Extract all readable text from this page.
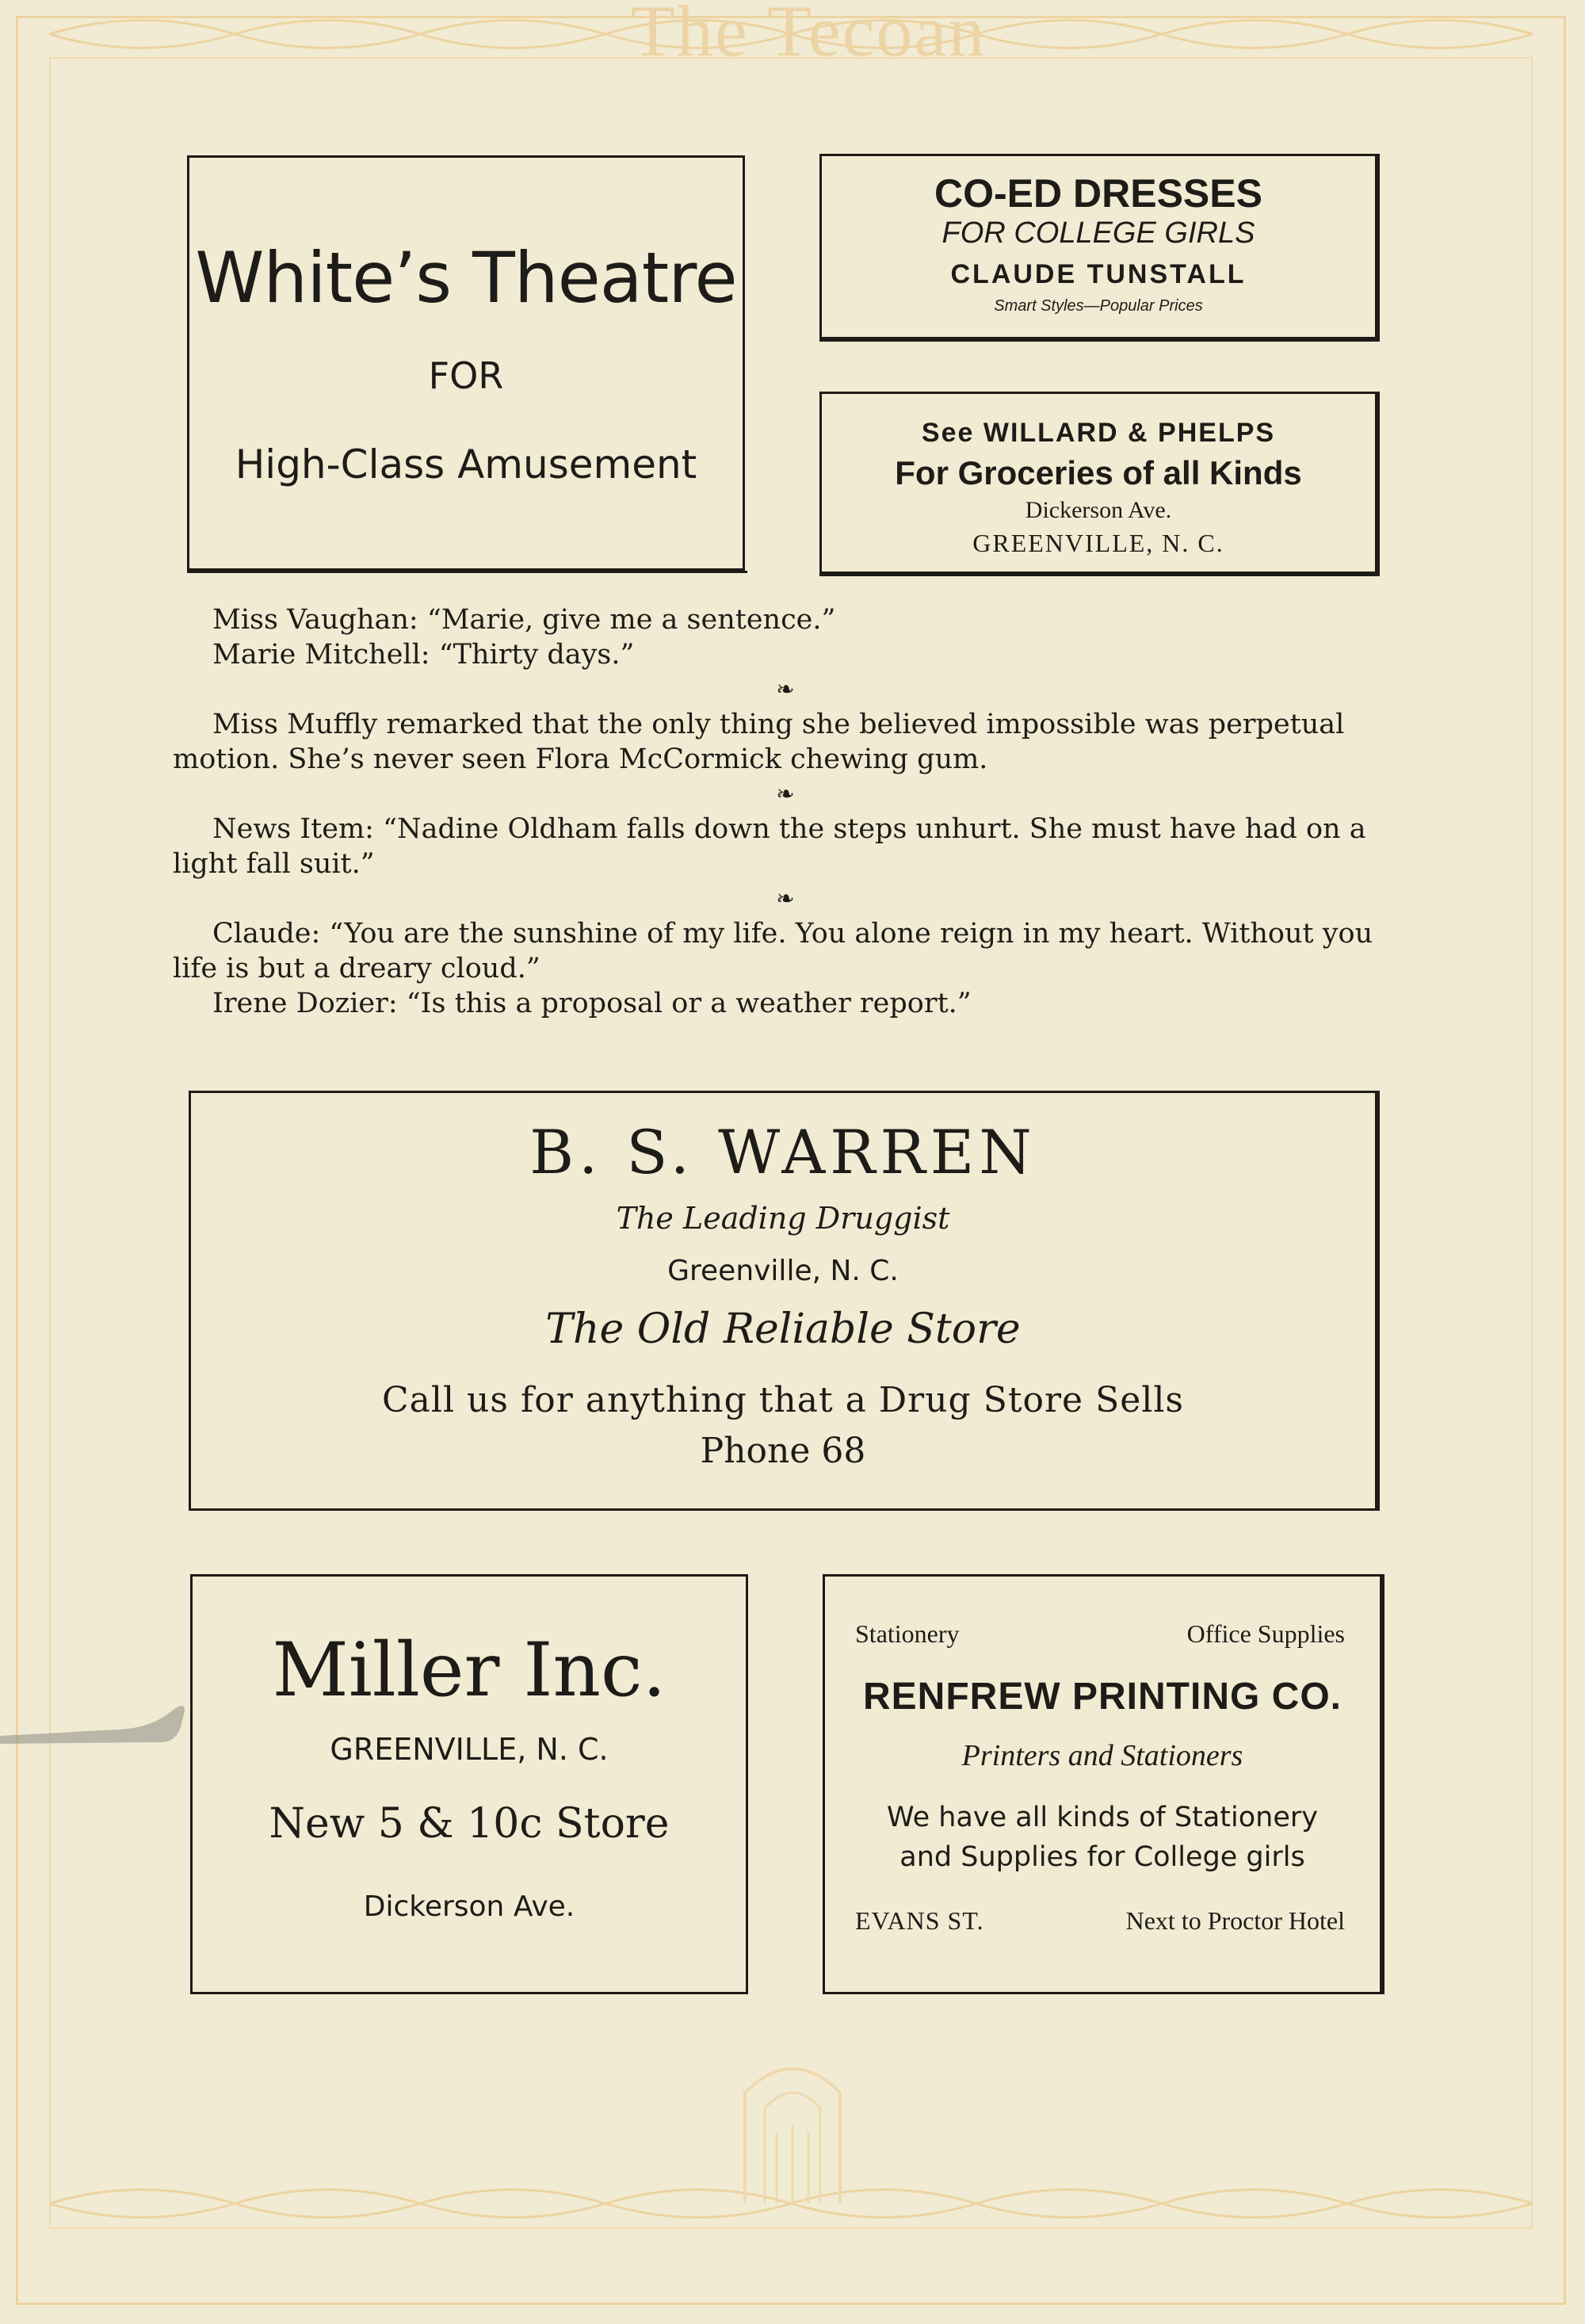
The Tecoan
White’s Theatre
FOR
High-Class Amusement
CO-ED DRESSES
FOR COLLEGE GIRLS
CLAUDE TUNSTALL
Smart Styles—Popular Prices
See WILLARD & PHELPS
For Groceries of all Kinds
Dickerson Ave.
GREENVILLE, N. C.

Miss Vaughan: “Marie, give me a sentence.”

Marie Mitchell: “Thirty days.”

❧

Miss Muffly remarked that the only thing she believed impossible was perpetual motion. She’s never seen Flora McCormick chewing gum.

❧

News Item: “Nadine Oldham falls down the steps unhurt. She must have had on a light fall suit.”

❧

Claude: “You are the sunshine of my life. You alone reign in my heart. Without you life is but a dreary cloud.”

Irene Dozier: “Is this a proposal or a weather report.”

B. S. WARREN
The Leading Druggist
Greenville, N. C.
The Old Reliable Store
Call us for anything that a Drug Store Sells
Phone 68
Miller Inc.
GREENVILLE, N. C.
New 5 & 10c Store
Dickerson Ave.
Stationery	Office Supplies
RENFREW PRINTING CO.
Printers and Stationers
We have all kinds of Stationery
and Supplies for College girls
EVANS ST.	Next to Proctor Hotel
